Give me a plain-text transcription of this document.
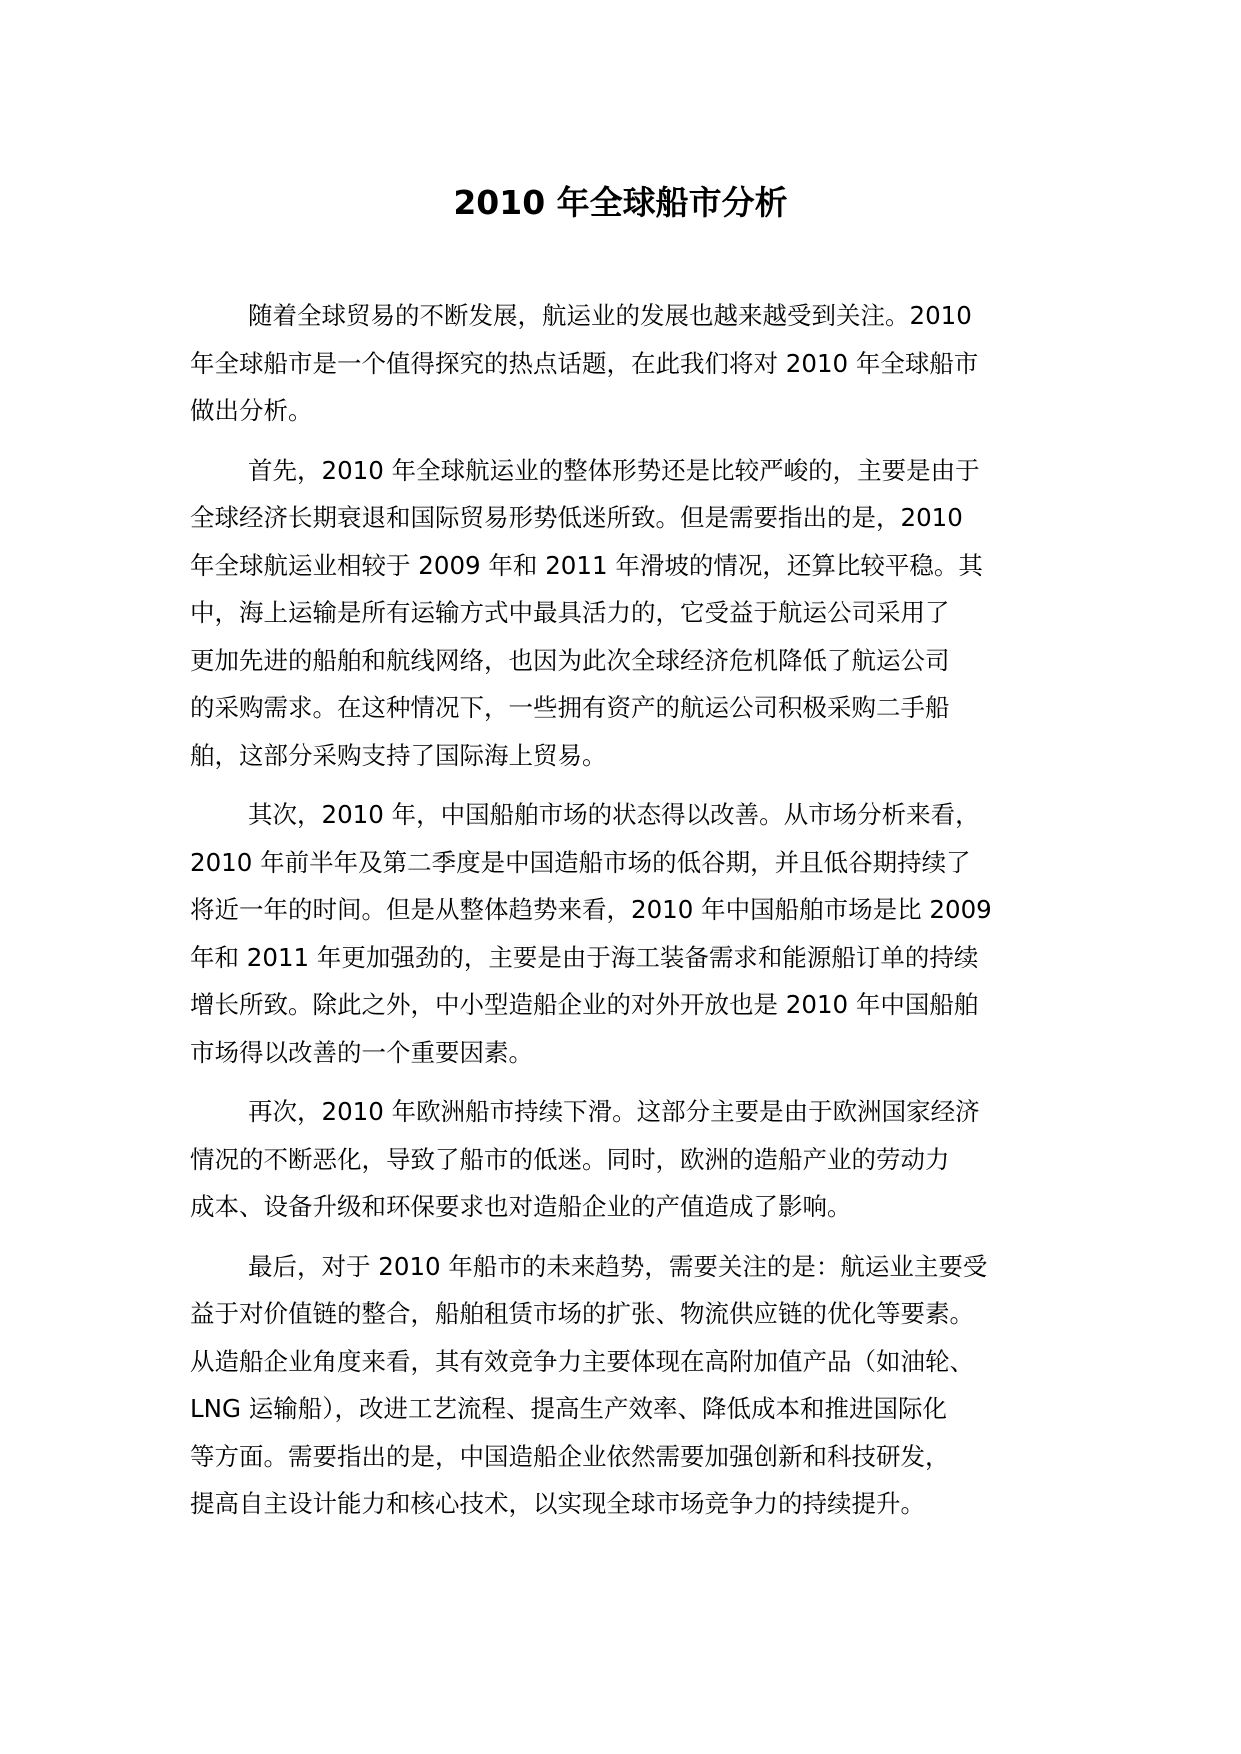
2010 年全球船市分析
随着全球贸易的不断发展，航运业的发展也越来越受到关注。2010
年全球船市是一个值得探究的热点话题，在此我们将对 2010 年全球船市
做出分析。
首先，2010 年全球航运业的整体形势还是比较严峻的，主要是由于
全球经济长期衰退和国际贸易形势低迷所致。但是需要指出的是，2010
年全球航运业相较于 2009 年和 2011 年滑坡的情况，还算比较平稳。其
中，海上运输是所有运输方式中最具活力的，它受益于航运公司采用了
更加先进的船舶和航线网络，也因为此次全球经济危机降低了航运公司
的采购需求。在这种情况下，一些拥有资产的航运公司积极采购二手船
舶，这部分采购支持了国际海上贸易。
其次，2010 年，中国船舶市场的状态得以改善。从市场分析来看，
2010 年前半年及第二季度是中国造船市场的低谷期，并且低谷期持续了
将近一年的时间。但是从整体趋势来看，2010 年中国船舶市场是比 2009
年和 2011 年更加强劲的，主要是由于海工装备需求和能源船订单的持续
增长所致。除此之外，中小型造船企业的对外开放也是 2010 年中国船舶
市场得以改善的一个重要因素。
再次，2010 年欧洲船市持续下滑。这部分主要是由于欧洲国家经济
情况的不断恶化，导致了船市的低迷。同时，欧洲的造船产业的劳动力
成本、设备升级和环保要求也对造船企业的产值造成了影响。
最后，对于 2010 年船市的未来趋势，需要关注的是：航运业主要受
益于对价值链的整合，船舶租赁市场的扩张、物流供应链的优化等要素。
从造船企业角度来看，其有效竞争力主要体现在高附加值产品（如油轮、
LNG 运输船），改进工艺流程、提高生产效率、降低成本和推进国际化
等方面。需要指出的是，中国造船企业依然需要加强创新和科技研发，
提高自主设计能力和核心技术，以实现全球市场竞争力的持续提升。
